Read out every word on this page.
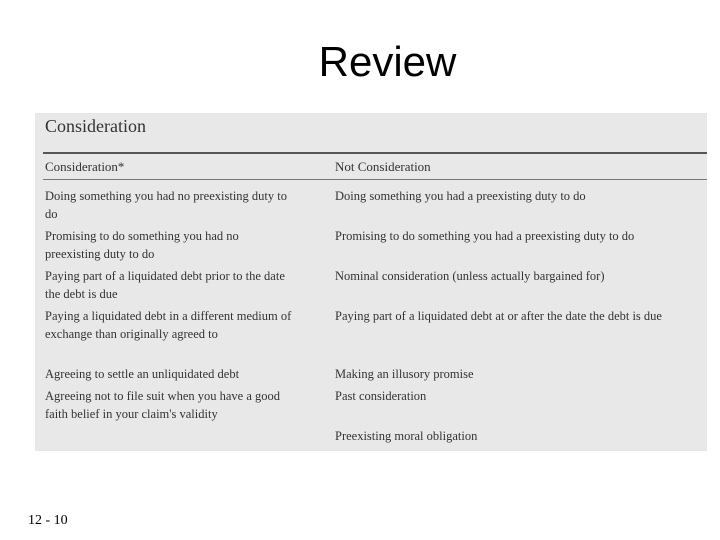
Review
Consideration
Consideration*	Not Consideration
Doing something you had no preexisting duty to do
Promising to do something you had no preexisting duty to do
Paying part of a liquidated debt prior to the date the debt is due
Paying a liquidated debt in a different medium of exchange than originally agreed to
Agreeing to settle an unliquidated debt
Agreeing not to file suit when you have a good faith belief in your claim's validity
Doing something you had a preexisting duty to do
Promising to do something you had a preexisting duty to do
Nominal consideration (unless actually bargained for)
Paying part of a liquidated debt at or after the date the debt is due
Making an illusory promise
Past consideration
Preexisting moral obligation
12 - 10
